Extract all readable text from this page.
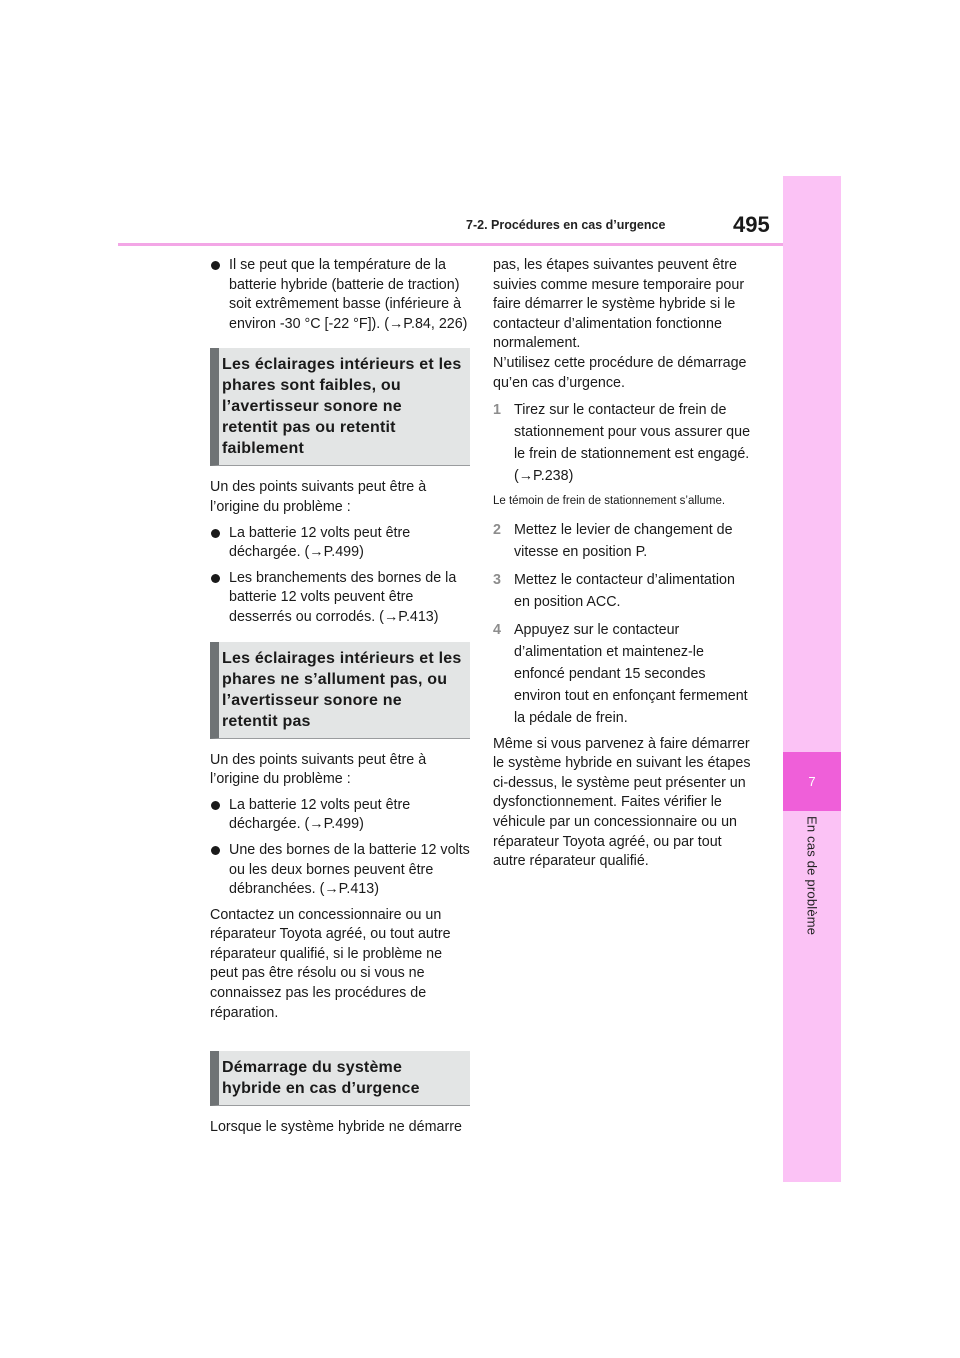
7
En cas de problème
7-2. Procédures en cas d’urgence	495

Il se peut que la température de la batterie hybride (batterie de traction) soit extrêmement basse (inférieure à environ -30 °C [-22 °F]). (→P.84, 226)

Les éclairages intérieurs et les phares sont faibles, ou l’avertisseur sonore ne retentit pas ou retentit faiblement

Un des points suivants peut être à l’origine du problème :

La batterie 12 volts peut être déchargée. (→P.499)

Les branchements des bornes de la batterie 12 volts peuvent être desserrés ou corrodés. (→P.413)

Les éclairages intérieurs et les phares ne s’allument pas, ou l’avertisseur sonore ne retentit pas

Un des points suivants peut être à l’origine du problème :

La batterie 12 volts peut être déchargée. (→P.499)

Une des bornes de la batterie 12 volts ou les deux bornes peuvent être débranchées. (→P.413)

Contactez un concessionnaire ou un réparateur Toyota agréé, ou tout autre réparateur qualifié, si le problème ne peut pas être résolu ou si vous ne connaissez pas les procédures de réparation.

Démarrage du système hybride en cas d’urgence

Lorsque le système hybride ne démarre

pas, les étapes suivantes peuvent être suivies comme mesure temporaire pour faire démarrer le système hybride si le contacteur d’alimentation fonctionne normalement.

N’utilisez cette procédure de démarrage qu’en cas d’urgence.

1 Tirez sur le contacteur de frein de stationnement pour vous assurer que le frein de stationnement est engagé. (→P.238)

Le témoin de frein de stationnement s’allume.

2 Mettez le levier de changement de vitesse en position P.
3 Mettez le contacteur d’alimentation en position ACC.
4 Appuyez sur le contacteur d’alimentation et maintenez-le enfoncé pendant 15 secondes environ tout en enfonçant fermement la pédale de frein.

Même si vous parvenez à faire démarrer le système hybride en suivant les étapes ci-dessus, le système peut présenter un dysfonctionnement. Faites vérifier le véhicule par un concessionnaire ou un réparateur Toyota agréé, ou par tout autre réparateur qualifié.
